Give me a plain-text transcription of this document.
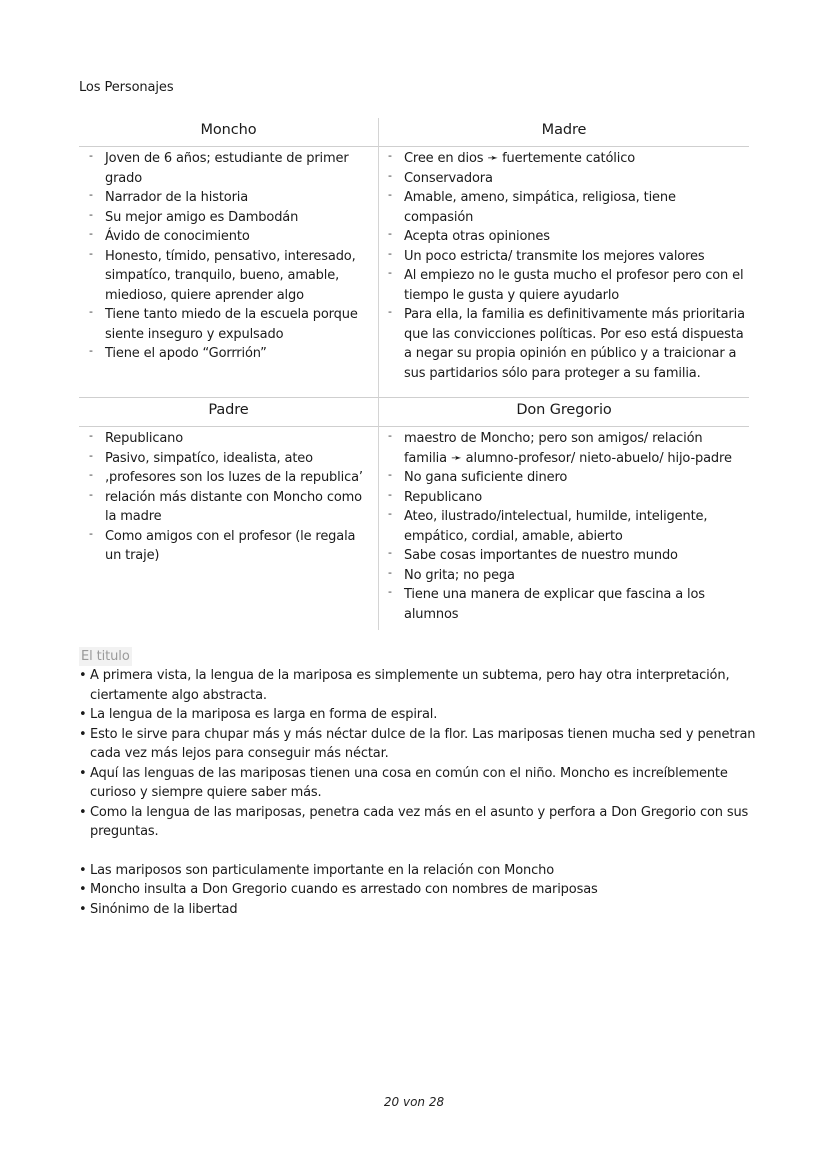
Los Personajes
Moncho	Madre
- Joven de 6 años; estudiante de primer grado
- Narrador de la historia
- Su mejor amigo es Dambodán
- Ávido de conocimiento
- Honesto, tímido, pensativo, interesado, simpatíco, tranquilo, bueno, amable, miedioso, quiere aprender algo
- Tiene tanto miedo de la escuela porque siente inseguro y expulsado
- Tiene el apodo “Gorrrión”
- Cree en dios ➛ fuertemente católico
- Conservadora
- Amable, ameno, simpática, religiosa, tiene compasión
- Acepta otras opiniones
- Un poco estricta/ transmite los mejores valores
- Al empiezo no le gusta mucho el profesor pero con el tiempo le gusta y quiere ayudarlo
- Para ella, la familia es definitivamente más prioritaria que las convicciones políticas. Por eso está dispuesta a negar su propia opinión en público y a traicionar a sus partidarios sólo para proteger a su familia.
Padre	Don Gregorio
- Republicano
- Pasivo, simpatíco, idealista, ateo
- ‚profesores son los luzes de la republica’
- relación más distante con Moncho como la madre
- Como amigos con el profesor (le regala un traje)
- maestro de Moncho; pero son amigos/ relación familia ➛ alumno-profesor/ nieto-abuelo/ hijo-padre
- No gana suficiente dinero
- Republicano
- Ateo, ilustrado/intelectual, humilde, inteligente, empático, cordial, amable, abierto
- Sabe cosas importantes de nuestro mundo
- No grita; no pega
- Tiene una manera de explicar que fascina a los alumnos
El titulo
• A primera vista, la lengua de la mariposa es simplemente un subtema, pero hay otra interpretación, ciertamente algo abstracta.
• La lengua de la mariposa es larga en forma de espiral.
• Esto le sirve para chupar más y más néctar dulce de la flor. Las mariposas tienen mucha sed y penetran cada vez más lejos para conseguir más néctar.
• Aquí las lenguas de las mariposas tienen una cosa en común con el niño. Moncho es increíblemente curioso y siempre quiere saber más.
• Como la lengua de las mariposas, penetra cada vez más en el asunto y perfora a Don Gregorio con sus preguntas.
• Las mariposos son particulamente importante en la relación con Moncho
• Moncho insulta a Don Gregorio cuando es arrestado con nombres de mariposas
• Sinónimo de la libertad
20 von 28
